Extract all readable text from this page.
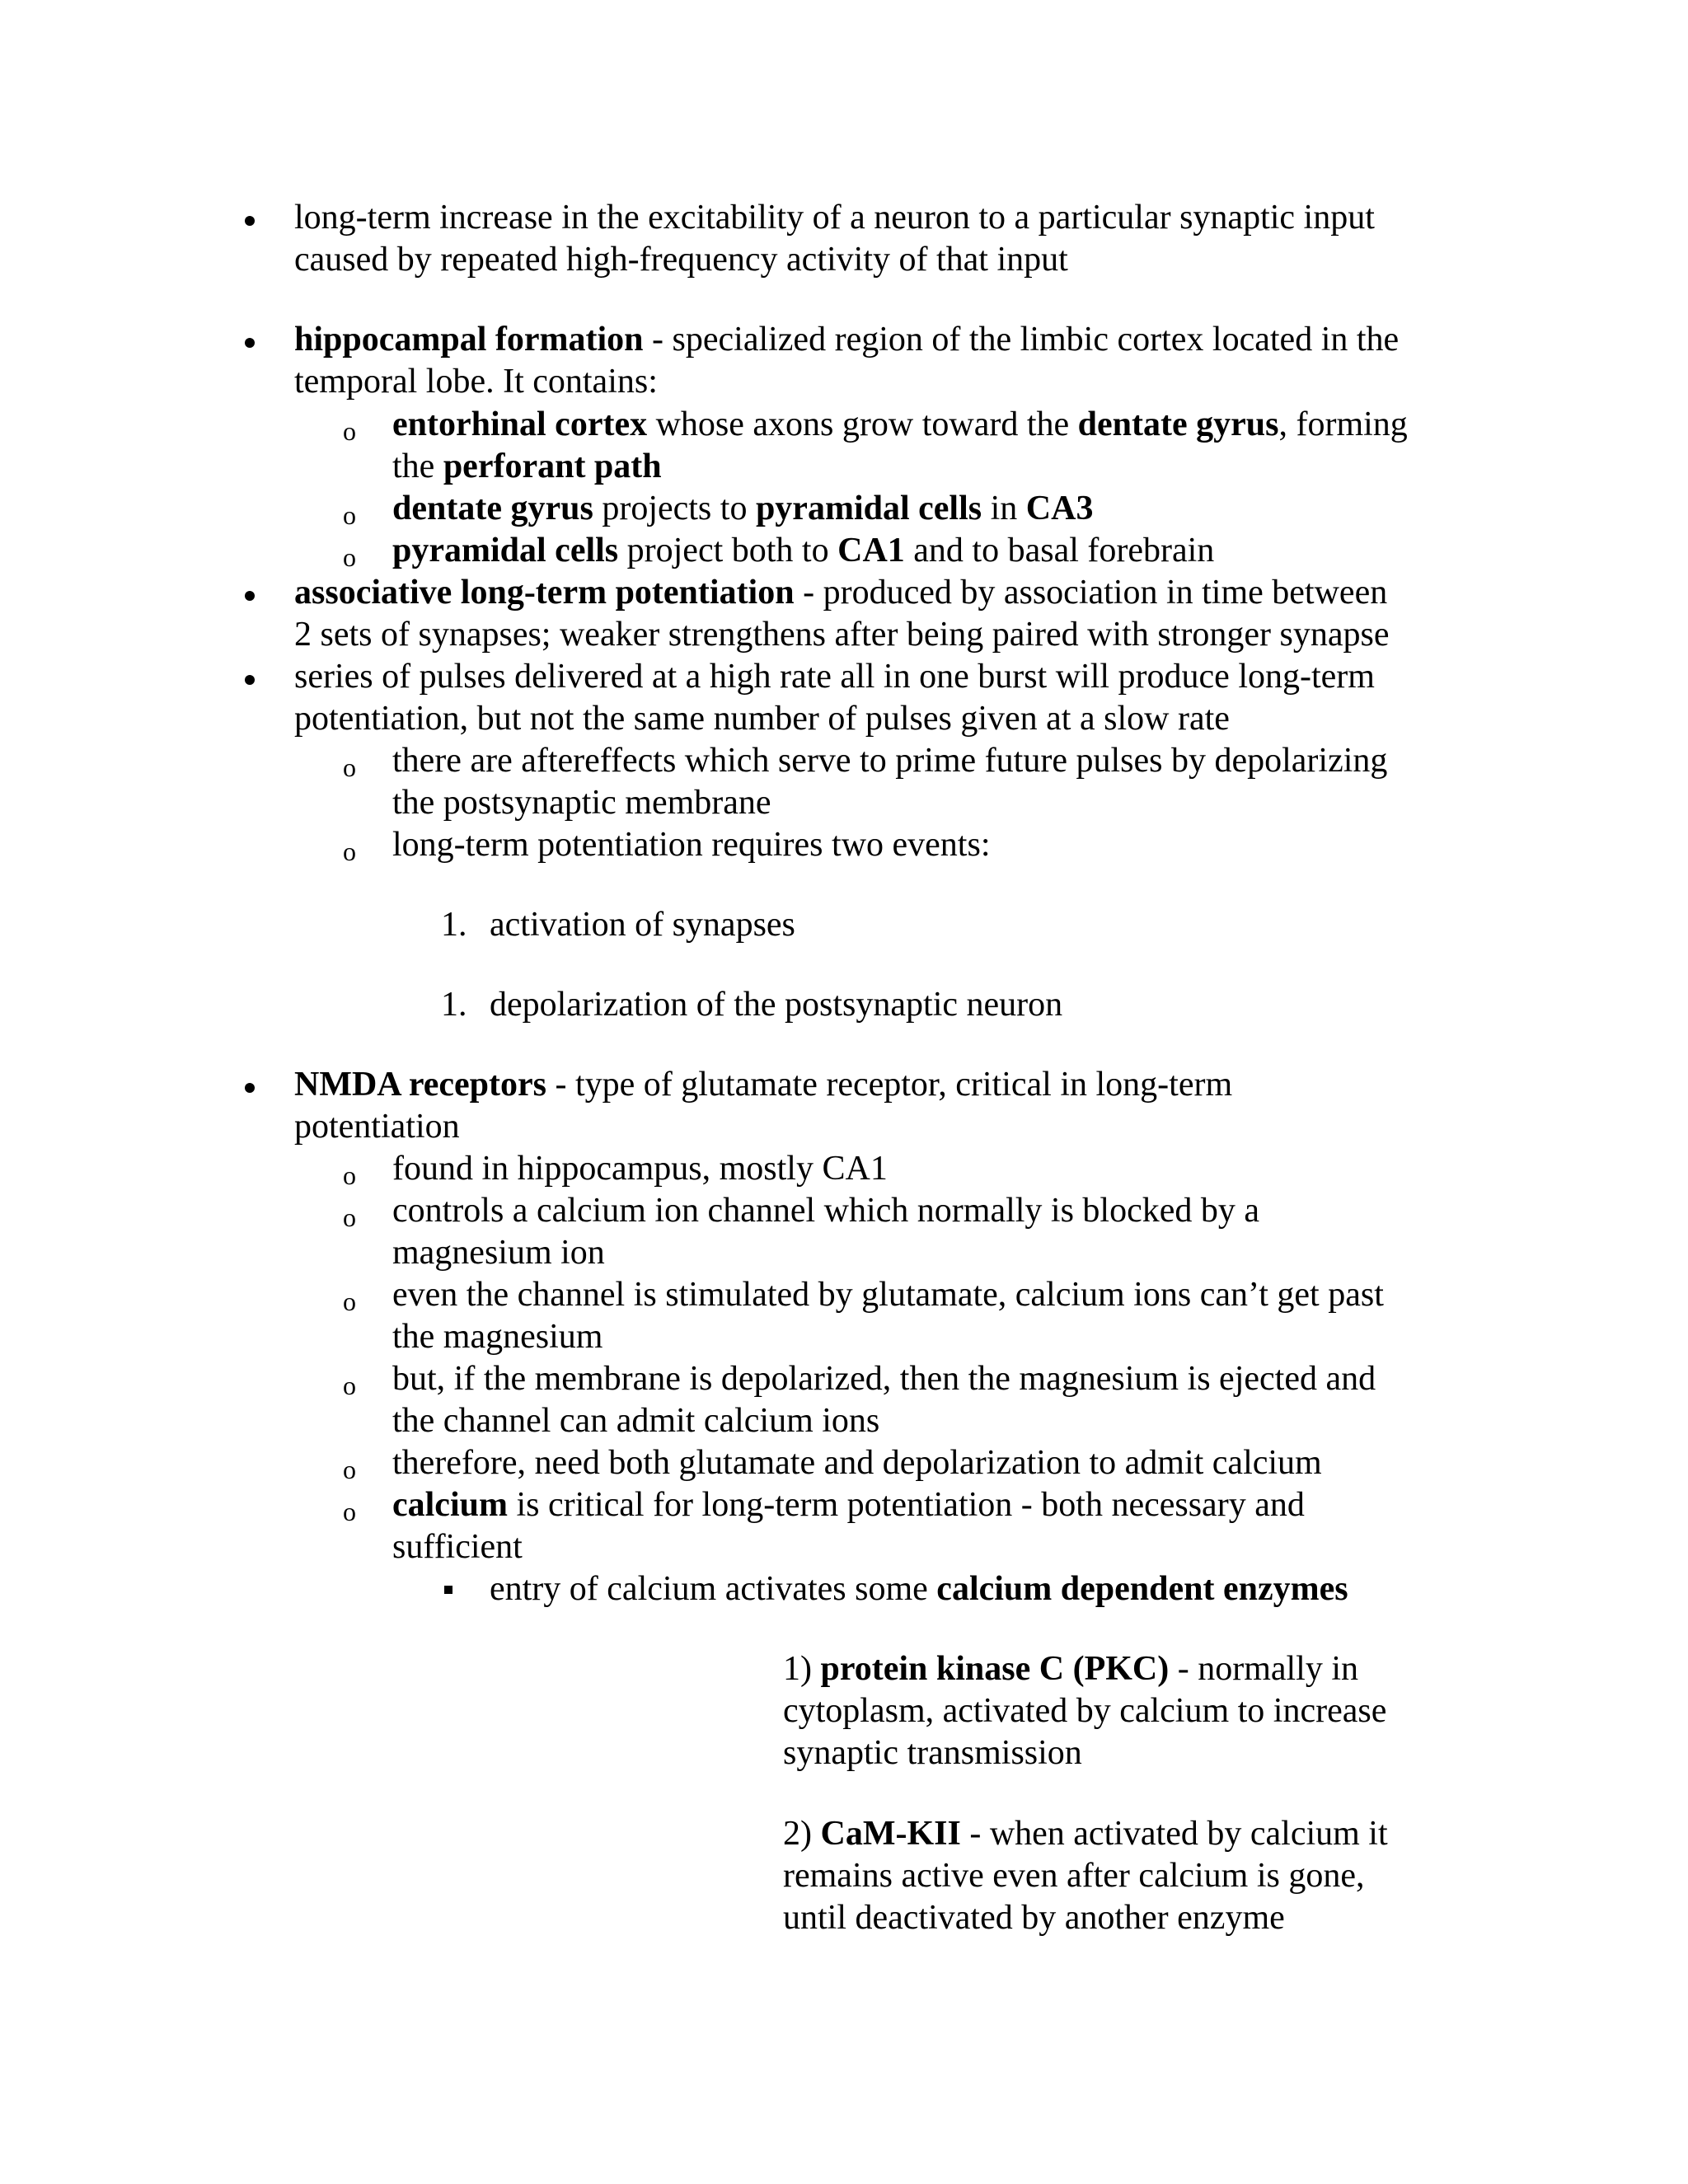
long-term increase in the excitability of a neuron to a particular synaptic input
caused by repeated high-frequency activity of that input
hippocampal formation - specialized region of the limbic cortex located in the
temporal lobe. It contains:
o entorhinal cortex whose axons grow toward the dentate gyrus, forming
the perforant path
o dentate gyrus projects to pyramidal cells in CA3
o pyramidal cells project both to CA1 and to basal forebrain
associative long-term potentiation - produced by association in time between
2 sets of synapses; weaker strengthens after being paired with stronger synapse
series of pulses delivered at a high rate all in one burst will produce long-term
potentiation, but not the same number of pulses given at a slow rate
o there are aftereffects which serve to prime future pulses by depolarizing
the postsynaptic membrane
o long-term potentiation requires two events:
1. activation of synapses
1. depolarization of the postsynaptic neuron
NMDA receptors - type of glutamate receptor, critical in long-term
potentiation
o found in hippocampus, mostly CA1
o controls a calcium ion channel which normally is blocked by a
magnesium ion
o even the channel is stimulated by glutamate, calcium ions can’t get past
the magnesium
o but, if the membrane is depolarized, then the magnesium is ejected and
the channel can admit calcium ions
o therefore, need both glutamate and depolarization to admit calcium
o calcium is critical for long-term potentiation - both necessary and
sufficient
entry of calcium activates some calcium dependent enzymes
1) protein kinase C (PKC) - normally in
cytoplasm, activated by calcium to increase
synaptic transmission
2) CaM-KII - when activated by calcium it
remains active even after calcium is gone,
until deactivated by another enzyme
